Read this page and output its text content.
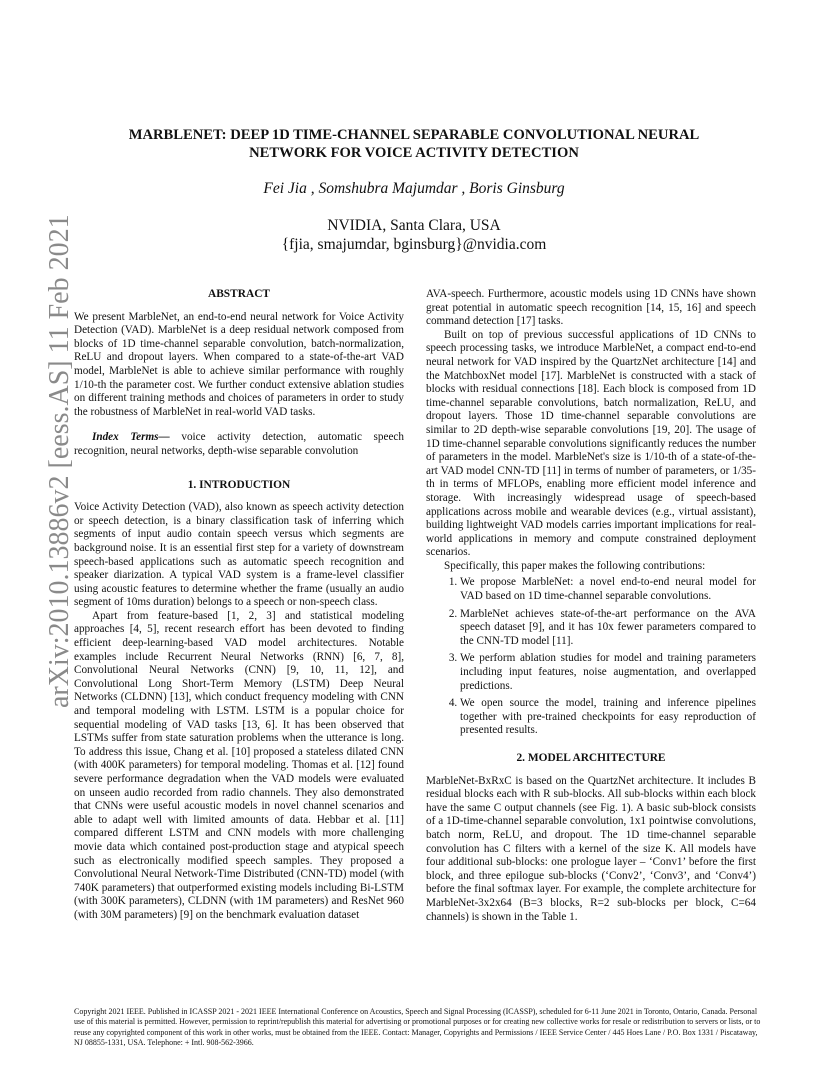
arXiv:2010.13886v2 [eess.AS] 11 Feb 2021
MARBLENET: DEEP 1D TIME-CHANNEL SEPARABLE CONVOLUTIONAL NEURAL NETWORK FOR VOICE ACTIVITY DETECTION
Fei Jia , Somshubra Majumdar , Boris Ginsburg
NVIDIA, Santa Clara, USA
{fjia, smajumdar, bginsburg}@nvidia.com
ABSTRACT

We present MarbleNet, an end-to-end neural network for Voice Activity Detection (VAD). MarbleNet is a deep residual network composed from blocks of 1D time-channel separable convolution, batch-normalization, ReLU and dropout layers. When compared to a state-of-the-art VAD model, MarbleNet is able to achieve similar performance with roughly 1/10-th the parameter cost. We further conduct extensive ablation studies on different training methods and choices of parameters in order to study the robustness of MarbleNet in real-world VAD tasks.

Index Terms— voice activity detection, automatic speech recognition, neural networks, depth-wise separable convolution

1. INTRODUCTION

Voice Activity Detection (VAD), also known as speech activity detection or speech detection, is a binary classification task of inferring which segments of input audio contain speech versus which segments are background noise. It is an essential first step for a variety of downstream speech-based applications such as automatic speech recognition and speaker diarization. A typical VAD system is a frame-level classifier using acoustic features to determine whether the frame (usually an audio segment of 10ms duration) belongs to a speech or non-speech class.

Apart from feature-based [1, 2, 3] and statistical modeling approaches [4, 5], recent research effort has been devoted to finding efficient deep-learning-based VAD model architectures. Notable examples include Recurrent Neural Networks (RNN) [6, 7, 8], Convolutional Neural Networks (CNN) [9, 10, 11, 12], and Convolutional Long Short-Term Memory (LSTM) Deep Neural Networks (CLDNN) [13], which conduct frequency modeling with CNN and temporal modeling with LSTM. LSTM is a popular choice for sequential modeling of VAD tasks [13, 6]. It has been observed that LSTMs suffer from state saturation problems when the utterance is long. To address this issue, Chang et al. [10] proposed a stateless dilated CNN (with 400K parameters) for temporal modeling. Thomas et al. [12] found severe performance degradation when the VAD models were evaluated on unseen audio recorded from radio channels. They also demonstrated that CNNs were useful acoustic models in novel channel scenarios and able to adapt well with limited amounts of data. Hebbar et al. [11] compared different LSTM and CNN models with more challenging movie data which contained post-production stage and atypical speech such as electronically modified speech samples. They proposed a Convolutional Neural Network-Time Distributed (CNN-TD) model (with 740K parameters) that outperformed existing models including Bi-LSTM (with 300K parameters), CLDNN (with 1M parameters) and ResNet 960 (with 30M parameters) [9] on the benchmark evaluation dataset

AVA-speech. Furthermore, acoustic models using 1D CNNs have shown great potential in automatic speech recognition [14, 15, 16] and speech command detection [17] tasks.

Built on top of previous successful applications of 1D CNNs to speech processing tasks, we introduce MarbleNet, a compact end-to-end neural network for VAD inspired by the QuartzNet architecture [14] and the MatchboxNet model [17]. MarbleNet is constructed with a stack of blocks with residual connections [18]. Each block is composed from 1D time-channel separable convolutions, batch normalization, ReLU, and dropout layers. Those 1D time-channel separable convolutions are similar to 2D depth-wise separable convolutions [19, 20]. The usage of 1D time-channel separable convolutions significantly reduces the number of parameters in the model. MarbleNet's size is 1/10-th of a state-of-the-art VAD model CNN-TD [11] in terms of number of parameters, or 1/35-th in terms of MFLOPs, enabling more efficient model inference and storage. With increasingly widespread usage of speech-based applications across mobile and wearable devices (e.g., virtual assistant), building lightweight VAD models carries important implications for real-world applications in memory and compute constrained deployment scenarios.

Specifically, this paper makes the following contributions:

1. We propose MarbleNet: a novel end-to-end neural model for VAD based on 1D time-channel separable convolutions.
2. MarbleNet achieves state-of-the-art performance on the AVA speech dataset [9], and it has 10x fewer parameters compared to the CNN-TD model [11].
3. We perform ablation studies for model and training parameters including input features, noise augmentation, and overlapped predictions.
4. We open source the model, training and inference pipelines together with pre-trained checkpoints for easy reproduction of presented results.
2. MODEL ARCHITECTURE

MarbleNet-BxRxC is based on the QuartzNet architecture. It includes B residual blocks each with R sub-blocks. All sub-blocks within each block have the same C output channels (see Fig. 1). A basic sub-block consists of a 1D-time-channel separable convolution, 1x1 pointwise convolutions, batch norm, ReLU, and dropout. The 1D time-channel separable convolution has C filters with a kernel of the size K. All models have four additional sub-blocks: one prologue layer – ‘Conv1’ before the first block, and three epilogue sub-blocks (‘Conv2’, ‘Conv3’, and ‘Conv4’) before the final softmax layer. For example, the complete architecture for MarbleNet-3x2x64 (B=3 blocks, R=2 sub-blocks per block, C=64 channels) is shown in the Table 1.

Copyright 2021 IEEE. Published in ICASSP 2021 - 2021 IEEE International Conference on Acoustics, Speech and Signal Processing (ICASSP), scheduled for 6-11 June 2021 in Toronto, Ontario, Canada. Personal use of this material is permitted. However, permission to reprint/republish this material for advertising or promotional purposes or for creating new collective works for resale or redistribution to servers or lists, or to reuse any copyrighted component of this work in other works, must be obtained from the IEEE. Contact: Manager, Copyrights and Permissions / IEEE Service Center / 445 Hoes Lane / P.O. Box 1331 / Piscataway, NJ 08855-1331, USA. Telephone: + Intl. 908-562-3966.
